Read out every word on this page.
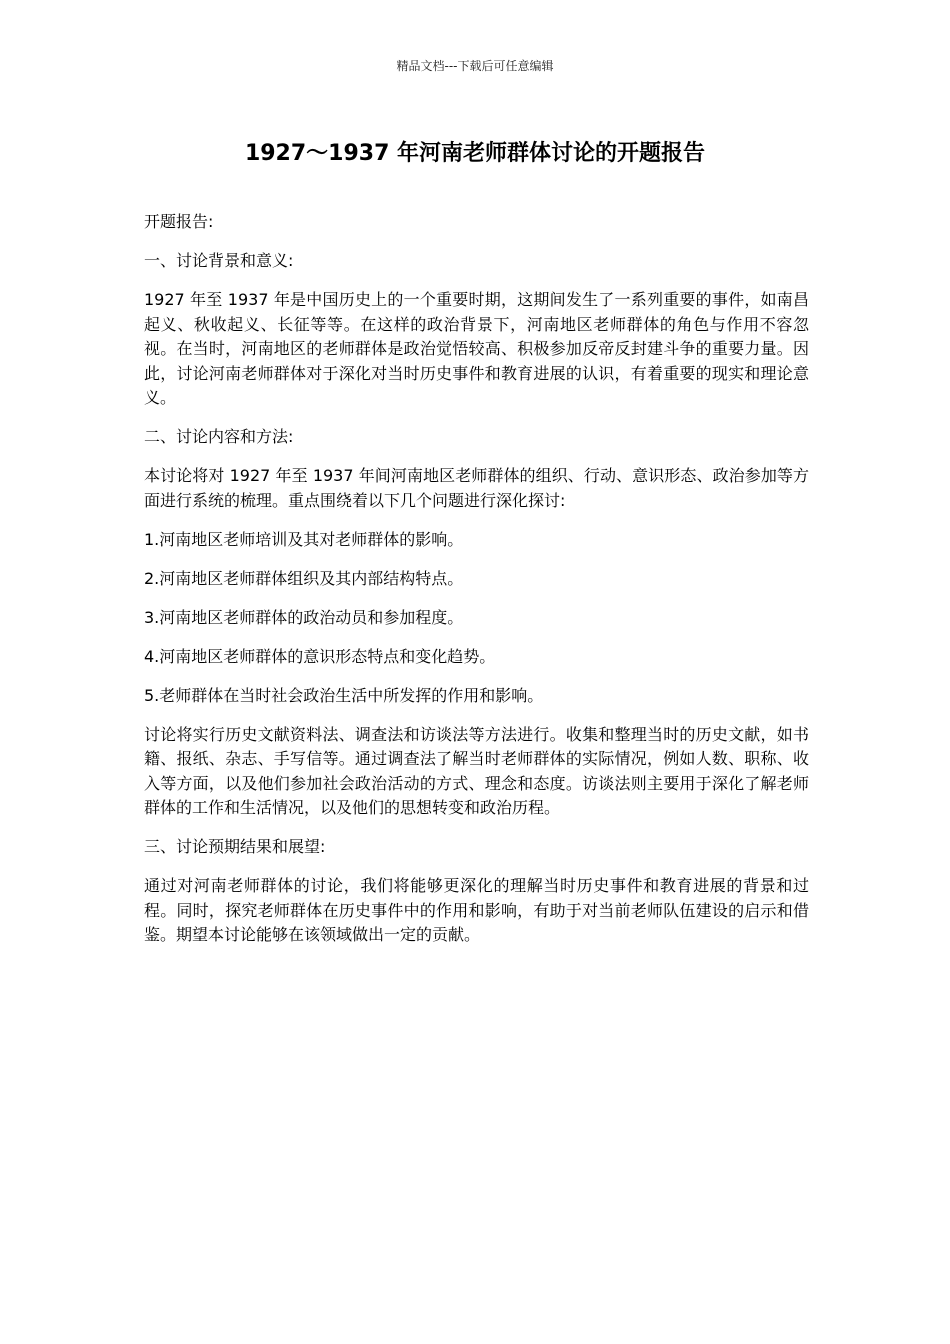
精品文档---下载后可任意编辑
1927～1937 年河南老师群体讨论的开题报告

开题报告:

一、讨论背景和意义:

1927 年至 1937 年是中国历史上的一个重要时期，这期间发生了一系列重要的事件，如南昌起义、秋收起义、长征等等。在这样的政治背景下，河南地区老师群体的角色与作用不容忽视。在当时，河南地区的老师群体是政治觉悟较高、积极参加反帝反封建斗争的重要力量。因此，讨论河南老师群体对于深化对当时历史事件和教育进展的认识，有着重要的现实和理论意义。

二、讨论内容和方法:

本讨论将对 1927 年至 1937 年间河南地区老师群体的组织、行动、意识形态、政治参加等方面进行系统的梳理。重点围绕着以下几个问题进行深化探讨:

1.河南地区老师培训及其对老师群体的影响。

2.河南地区老师群体组织及其内部结构特点。

3.河南地区老师群体的政治动员和参加程度。

4.河南地区老师群体的意识形态特点和变化趋势。

5.老师群体在当时社会政治生活中所发挥的作用和影响。

讨论将实行历史文献资料法、调查法和访谈法等方法进行。收集和整理当时的历史文献，如书籍、报纸、杂志、手写信等。通过调查法了解当时老师群体的实际情况，例如人数、职称、收入等方面，以及他们参加社会政治活动的方式、理念和态度。访谈法则主要用于深化了解老师群体的工作和生活情况，以及他们的思想转变和政治历程。

三、讨论预期结果和展望:

通过对河南老师群体的讨论，我们将能够更深化的理解当时历史事件和教育进展的背景和过程。同时，探究老师群体在历史事件中的作用和影响，有助于对当前老师队伍建设的启示和借鉴。期望本讨论能够在该领域做出一定的贡献。
